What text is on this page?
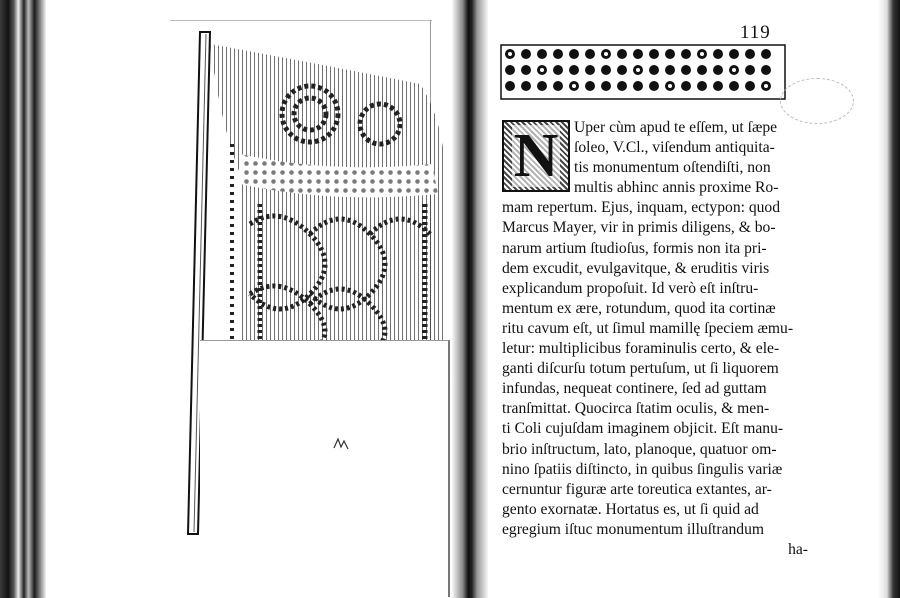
119
N	Uper cùm apud te eſſem, ut ſæpe
ſoleo, V.Cl., viſendum antiquita-
tis monumentum oſtendiſti, non
multis abhinc annis proxime Ro-
mam repertum. Ejus, inquam, ectypon: quod
Marcus Mayer, vir in primis diligens, & bo-
narum artium ſtudioſus, formis non ita pri-
dem excudit, evulgavitque, & eruditis viris
explicandum propoſuit. Id verò eſt inſtru-
mentum ex ære, rotundum, quod ita cortinæ
ritu cavum eſt, ut ſimul mamillę ſpeciem æmu-
letur: multiplicibus foraminulis certo, & ele-
ganti diſcurſu totum pertuſum, ut ſi liquorem
infundas, nequeat continere, ſed ad guttam
tranſmittat. Quocirca ſtatim oculis, & men-
ti Coli cujuſdam imaginem objicit. Eſt manu-
brio inſtructum, lato, planoque, quatuor om-
nino ſpatiis diſtincto, in quibus ſingulis variæ
cernuntur figuræ arte toreutica extantes, ar-
gento exornatæ. Hortatus es, ut ſi quid ad
egregium iſtuc monumentum illuſtrandum
ha-
